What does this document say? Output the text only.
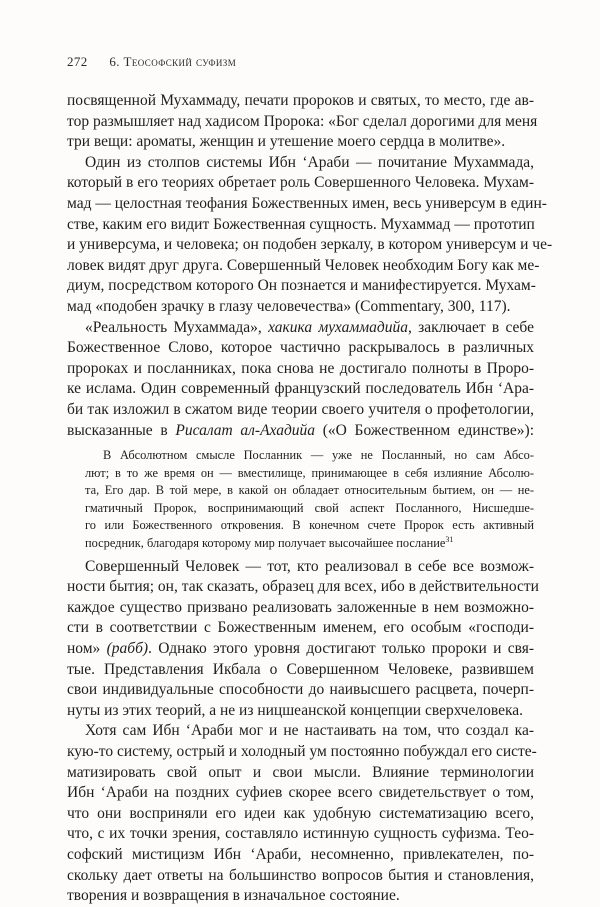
272 6. Теософский суфизм
посвященной Мухаммаду, печати пророков и святых, то место, где ав-
тор размышляет над хадисом Пророка: «Бог сделал дорогими для меня
три вещи: ароматы, женщин и утешение моего сердца в молитве».
Один из столпов системы Ибн ʻАраби — почитание Мухаммада,
который в его теориях обретает роль Совершенного Человека. Мухам-
мад — целостная теофания Божественных имен, весь универсум в един-
стве, каким его видит Божественная сущность. Мухаммад — прототип
и универсума, и человека; он подобен зеркалу, в котором универсум и че-
ловек видят друг друга. Совершенный Человек необходим Богу как ме-
диум, посредством которого Он познается и манифестируется. Мухам-
мад «подобен зрачку в глазу человечества» (Commentary, 300, 117).
«Реальность Мухаммада», хакика мухаммадийа, заключает в себе
Божественное Слово, которое частично раскрывалось в различных
пророках и посланниках, пока снова не достигало полноты в Проро-
ке ислама. Один современный французский последователь Ибн ʻАра-
би так изложил в сжатом виде теории своего учителя о профетологии,
высказанные в Рисалат ал-Ахадийа («О Божественном единстве»):
В Абсолютном смысле Посланник — уже не Посланный, но сам Абсо-
лют; в то же время он — вместилище, принимающее в себя излияние Абсолю-
та, Его дар. В той мере, в какой он обладает относительным бытием, он — не-
гматичный Пророк, воспринимающий свой аспект Посланного, Нисшедше-
го или Божественного откровения. В конечном счете Пророк есть активный
посредник, благодаря которому мир получает высочайшее послание$^{31}$
Совершенный Человек — тот, кто реализовал в себе все возмож-
ности бытия; он, так сказать, образец для всех, ибо в действительности
каждое существо призвано реализовать заложенные в нем возможно-
сти в соответствии с Божественным именем, его особым «господи-
ном» (рабб). Однако этого уровня достигают только пророки и свя-
тые. Представления Икбала о Совершенном Человеке, развившем
свои индивидуальные способности до наивысшего расцвета, почерп-
нуты из этих теорий, а не из ницшеанской концепции сверхчеловека.
Хотя сам Ибн ʻАраби мог и не настаивать на том, что создал ка-
кую-то систему, острый и холодный ум постоянно побуждал его систе-
матизировать свой опыт и свои мысли. Влияние терминологии
Ибн ʻАраби на поздних суфиев скорее всего свидетельствует о том,
что они восприняли его идеи как удобную систематизацию всего,
что, с их точки зрения, составляло истинную сущность суфизма. Тео-
софский мистицизм Ибн ʻАраби, несомненно, привлекателен, по-
скольку дает ответы на большинство вопросов бытия и становления,
творения и возвращения в изначальное состояние.
